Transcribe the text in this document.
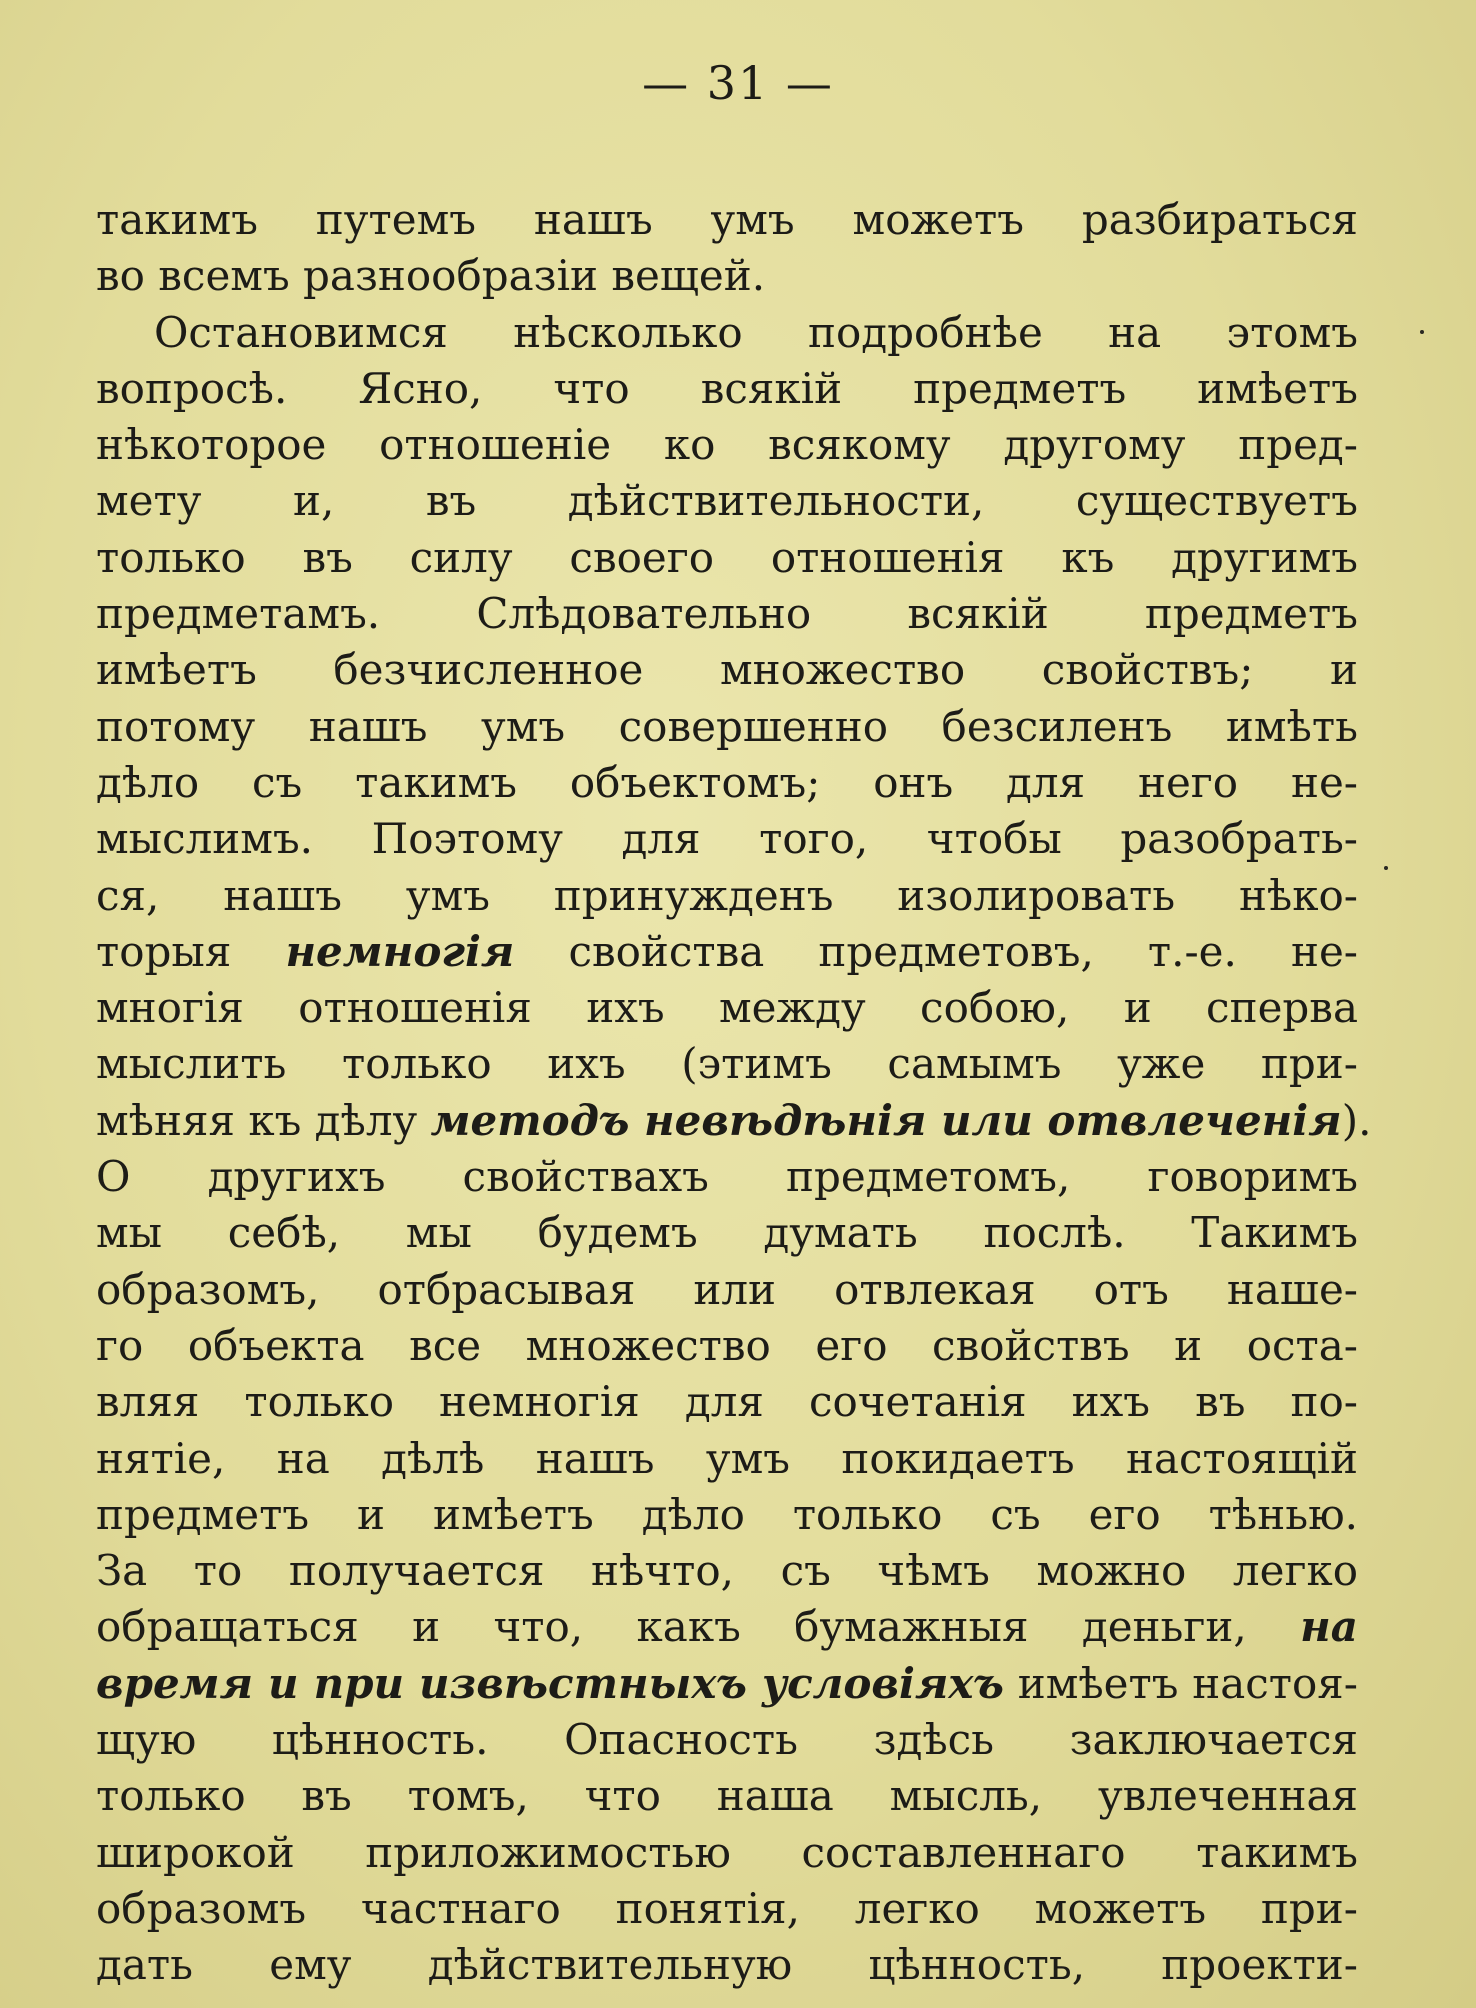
— 31 —
такимъ путемъ нашъ умъ можетъ разбираться
во всемъ разнообразіи вещей.
Остановимся нѣсколько подробнѣе на этомъ
вопросѣ. Ясно, что всякій предметъ имѣетъ
нѣкоторое отношеніе ко всякому другому пред-
мету и, въ дѣйствительности, существуетъ
только въ силу своего отношенія къ другимъ
предметамъ. Слѣдовательно всякій предметъ
имѣетъ безчисленное множество свойствъ; и
потому нашъ умъ совершенно безсиленъ имѣть
дѣло съ такимъ объектомъ; онъ для него не-
мыслимъ. Поэтому для того, чтобы разобрать-
ся, нашъ умъ принужденъ изолировать нѣко-
торыя немногія свойства предметовъ, т.-е. не-
многія отношенія ихъ между собою, и сперва
мыслить только ихъ (этимъ самымъ уже при-
мѣняя къ дѣлу методъ невѣдѣнія или отвлеченія).
О другихъ свойствахъ предметомъ, говоримъ
мы себѣ, мы будемъ думать послѣ. Такимъ
образомъ, отбрасывая или отвлекая отъ наше-
го объекта все множество его свойствъ и оста-
вляя только немногія для сочетанія ихъ въ по-
нятіе, на дѣлѣ нашъ умъ покидаетъ настоящій
предметъ и имѣетъ дѣло только съ его тѣнью.
За то получается нѣчто, съ чѣмъ можно легко
обращаться и что, какъ бумажныя деньги, на
время и при извѣстныхъ условіяхъ имѣетъ настоя-
щую цѣнность. Опасность здѣсь заключается
только въ томъ, что наша мысль, увлеченная
широкой приложимостью составленнаго такимъ
образомъ частнаго понятія, легко можетъ при-
дать ему дѣйствительную цѣнность, проекти-
